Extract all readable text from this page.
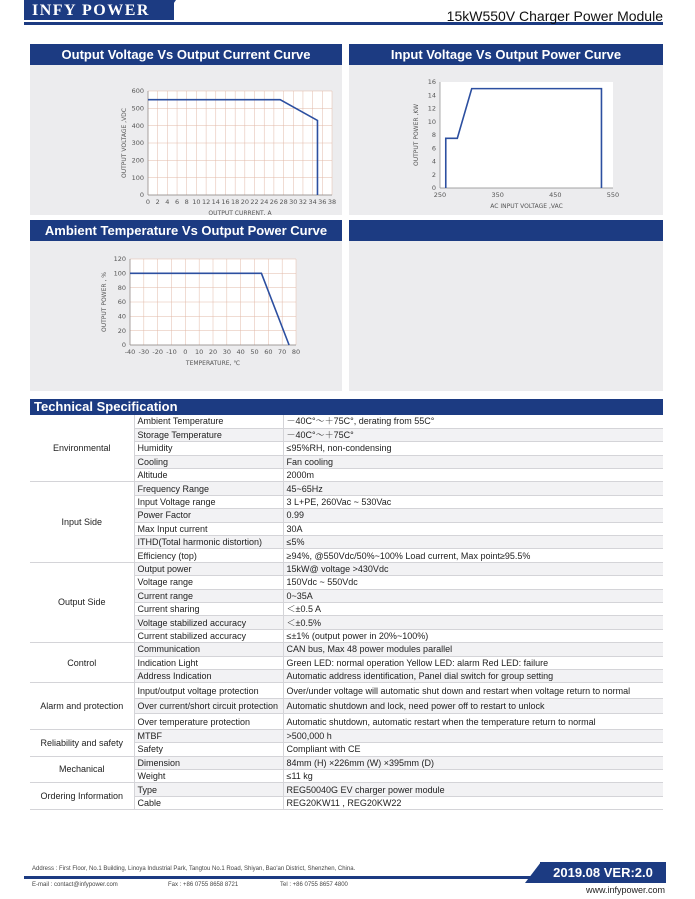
INFY POWER	15kW550V Charger Power Module
Output Voltage Vs Output Current Curve
0 2 4 6 8 10 12 14 16 18 20 22 24 26 28 30 32 34 36 38
0
100
200
300
400
500
600
OUTPUT CURRENT, A
OUTPUT VOLTAGE ,VDC
Input Voltage Vs Output Power Curve
250	350	450	550
0
2
4
6
8
10
12
14
16
AC INPUT VOLTAGE ,VAC
OUTPUT POWER ,KW
Ambient Temperature Vs Output Power Curve
-40 -30 -20 -10 0 10 20 30 40 50 60 70 80
0
20
40
60
80
100
120
TEMPERATURE, ℃
OUTPUT POWER , %
Technical Specification
Environmental	Ambient Temperature	－40C°～＋75C°, derating from 55C°
	Storage Temperature	－40C°～＋75C°
	Humidity	≤95%RH, non-condensing
	Cooling	Fan cooling
	Altitude	2000m
Input Side	Frequency Range	45~65Hz
	Input Voltage range	3 L+PE, 260Vac ~ 530Vac
	Power Factor	0.99
	Max Input current	30A
	ITHD(Total harmonic distortion)	≤5%
	Efficiency (top)	≥94%, @550Vdc/50%~100% Load current, Max point≥95.5%
Output Side	Output power	15kW@ voltage >430Vdc
	Voltage range	150Vdc ~ 550Vdc
	Current range	0~35A
	Current sharing	＜±0.5 A
	Voltage stabilized accuracy	＜±0.5%
	Current stabilized accuracy	≤±1% (output power in 20%~100%)
Control	Communication	CAN bus, Max 48 power modules parallel
	Indication Light	Green LED: normal operation Yellow LED: alarm Red LED: failure
	Address Indication	Automatic address identification, Panel dial switch for group setting
Alarm and protection	Input/output voltage protection	Over/under voltage will automatic shut down and restart when voltage return to normal
	Over current/short circuit protection	Automatic shutdown and lock, need power off to restart to unlock
	Over temperature protection	Automatic shutdown, automatic restart when the temperature return to normal
Reliability and safety	MTBF	>500,000 h
	Safety	Compliant with CE
Mechanical	Dimension	84mm (H) ×226mm (W) ×395mm (D)
	Weight	≤11 kg
Ordering Information	Type	REG50040G EV charger power module
	Cable	REG20KW11 , REG20KW22
Address : First Floor, No.1 Building, Linoya Industrial Park, Tangtou No.1 Road, Shiyan, Bao'an District, Shenzhen, China.	2019.08 VER:2.0
E-mail : contact@infypower.com	Fax : +86 0755 8658 8721	Tel : +86 0755 8657 4800	www.infypower.com
